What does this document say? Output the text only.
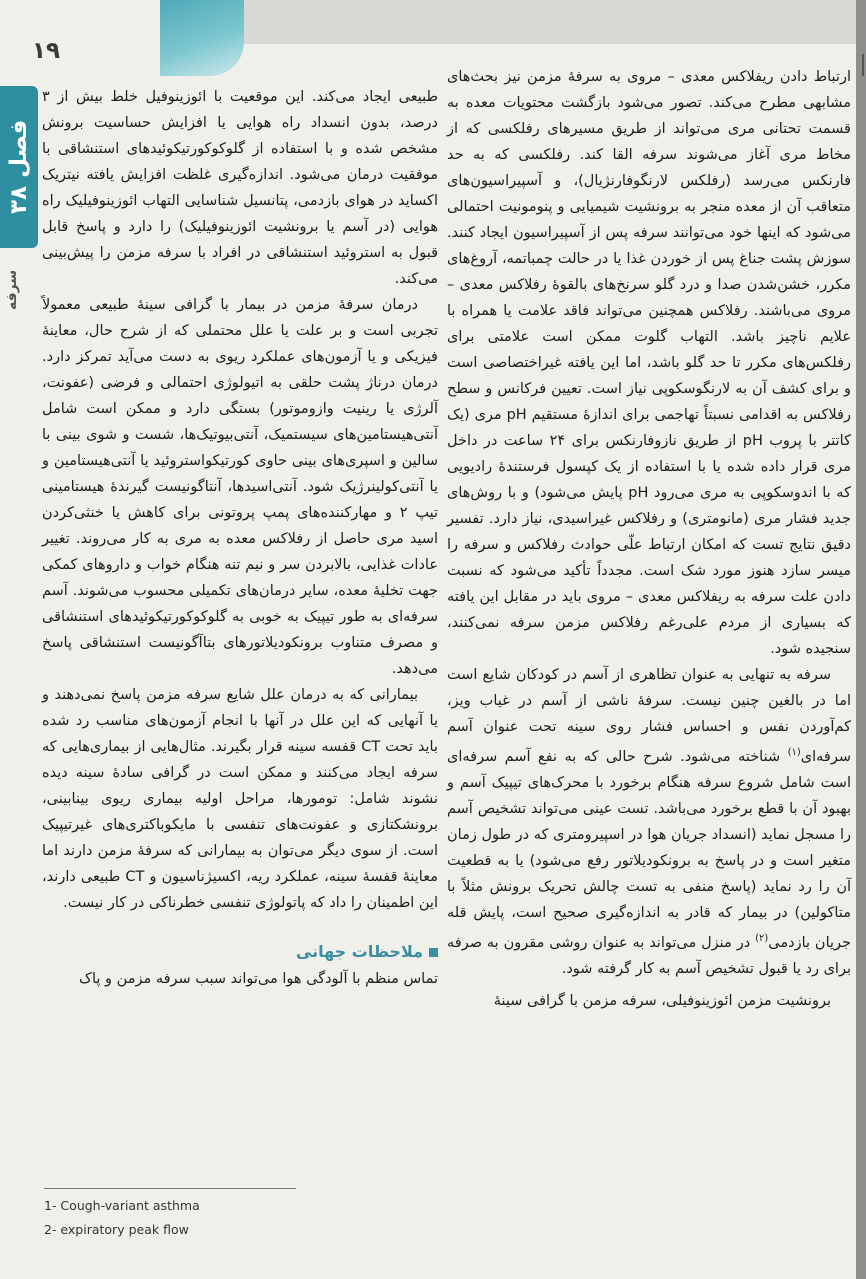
۱۹
فصل ۳۸
سرفه

ارتباط دادن ریفلاکس معدی – مروی به سرفهٔ مزمن نیز بحث‌های مشابهی مطرح می‌کند. تصور می‌شود بازگشت محتویات معده به قسمت تحتانی مری می‌تواند از طریق مسیرهای رفلکسی که از مخاط مری آغاز می‌شوند سرفه القا کند. رفلکسی که به حد فارنکس می‌رسد (رفلکس لارنگوفارنژیال)، و آسپیراسیون‌های متعاقب آن از معده منجر به برونشیت شیمیایی و پنومونیت احتمالی می‌شود که اینها خود می‌توانند سرفه پس از آسپیراسیون ایجاد کنند. سوزش پشت جناغ پس از خوردن غذا یا در حالت چمباتمه، آروغ‌های مکرر، خشن‌شدن صدا و درد گلو سرنخ‌های بالقوهٔ رفلاکس معدی – مروی می‌باشند. رفلاکس همچنین می‌تواند فاقد علامت یا همراه با علایم ناچیز باشد. التهاب گلوت ممکن است علامتی برای رفلکس‌های مکرر تا حد گلو باشد، اما این یافته غیراختصاصی است و برای کشف آن به لارنگوسکوپی نیاز است. تعیین فرکانس و سطح رفلاکس به اقدامی نسبتاً تهاجمی برای اندازهٔ مستقیم pH مری (یک کاتتر با پروب pH از طریق نازوفارنکس برای ۲۴ ساعت در داخل مری قرار داده شده یا با استفاده از یک کپسول فرستندهٔ رادیویی که با اندوسکوپی به مری می‌رود pH پایش می‌شود) و با روش‌های جدید فشار مری (مانومتری) و رفلاکس غیراسیدی، نیاز دارد. تفسیر دقیق نتایج تست که امکان ارتباط علّی حوادث رفلاکس و سرفه را میسر سازد هنوز مورد شک است. مجدداً تأکید می‌شود که نسبت دادن علت سرفه به ریفلاکس معدی – مروی باید در مقابل این یافته که بسیاری از مردم علی‌رغم رفلاکس مزمن سرفه نمی‌کنند، سنجیده شود.

سرفه به تنهایی به عنوان تظاهری از آسم در کودکان شایع است اما در بالغین چنین نیست. سرفهٔ ناشی از آسم در غیاب ویز، کم‌آوردن نفس و احساس فشار روی سینه تحت عنوان آسم سرفه‌ای$^{(۱)}$ شناخته می‌شود. شرح حالی که به نفع آسم سرفه‌ای است شامل شروع سرفه هنگام برخورد با محرک‌های تیپیک آسم و بهبود آن با قطع برخورد می‌باشد. تست عینی می‌تواند تشخیص آسم را مسجل نماید (انسداد جریان هوا در اسپیرومتری که در طول زمان متغیر است و در پاسخ به برونکودیلاتور رفع می‌شود) یا به قطعیت آن را رد نماید (پاسخ منفی به تست چالش تحریک برونش مثلاً با متاکولین) در بیمار که قادر به اندازه‌گیری صحیح است، پایش قله جریان بازدمی$^{(۲)}$ در منزل می‌تواند به عنوان روشی مقرون به صرفه برای رد یا قبول تشخیص آسم به کار گرفته شود.

برونشیت مزمن ائوزینوفیلی، سرفه مزمن با گرافی سینهٔ

طبیعی ایجاد می‌کند. این موقعیت با ائوزینوفیل خلط بیش از ۳ درصد، بدون انسداد راه هوایی یا افزایش حساسیت برونش مشخص شده و با استفاده از گلوکوکورتیکوئیدهای استنشاقی با موفقیت درمان می‌شود. اندازه‌گیری غلظت افزایش یافته نیتریک اکساید در هوای بازدمی، پتانسیل شناسایی التهاب ائوزینوفیلیک راه هوایی (در آسم یا برونشیت ائوزینوفیلیک) را دارد و پاسخ قابل قبول به استروئید استنشاقی در افراد با سرفه مزمن را پیش‌بینی می‌کند.

درمان سرفهٔ مزمن در بیمار با گرافی سینهٔ طبیعی معمولاً تجربی است و بر علت یا علل محتملی که از شرح حال، معاینهٔ فیزیکی و یا آزمون‌های عملکرد ریوی به دست می‌آید تمرکز دارد. درمان درناژ پشت حلقی به اتیولوژی احتمالی و فرضی (عفونت، آلرژی یا رینیت وازوموتور) بستگی دارد و ممکن است شامل آنتی‌هیستامین‌های سیستمیک، آنتی‌بیوتیک‌ها، شست و شوی بینی با سالین و اسپری‌های بینی حاوی کورتیکواستروئید یا آنتی‌هیستامین و یا آنتی‌کولینرژیک شود. آنتی‌اسیدها، آنتاگونیست گیرندهٔ هیستامینی تیپ ۲ و مهارکننده‌های پمپ پروتونی برای کاهش یا خنثی‌کردن اسید مری حاصل از رفلاکس معده به مری به کار می‌روند. تغییر عادات غذایی، بالابردن سر و نیم تنه هنگام خواب و داروهای کمکی جهت تخلیهٔ معده، سایر درمان‌های تکمیلی محسوب می‌شوند. آسم سرفه‌ای به طور تیپیک به خوبی به گلوکوکورتیکوئیدهای استنشاقی و مصرف متناوب برونکودیلاتورهای بتاآگونیست استنشاقی پاسخ می‌دهد.

بیمارانی که به درمان علل شایع سرفه مزمن پاسخ نمی‌دهند و یا آنهایی که این علل در آنها با انجام آزمون‌های مناسب رد شده باید تحت CT قفسه سینه قرار بگیرند. مثال‌هایی از بیماری‌هایی که سرفه ایجاد می‌کنند و ممکن است در گرافی سادهٔ سینه دیده نشوند شامل: تومورها، مراحل اولیه بیماری ریوی بینابینی، برونشکتازی و عفونت‌های تنفسی با مایکوباکتری‌های غیرتیپیک است. از سوی دیگر می‌توان به بیمارانی که سرفهٔ مزمن دارند اما معاینهٔ قفسهٔ سینه، عملکرد ریه، اکسیژناسیون و CT طبیعی دارند، این اطمینان را داد که پاتولوژی تنفسی خطرناکی در کار نیست.

ملاحظات جهانی

تماس منظم با آلودگی هوا می‌تواند سبب سرفه مزمن و پاک

1- Cough-variant asthma
2- expiratory peak flow
